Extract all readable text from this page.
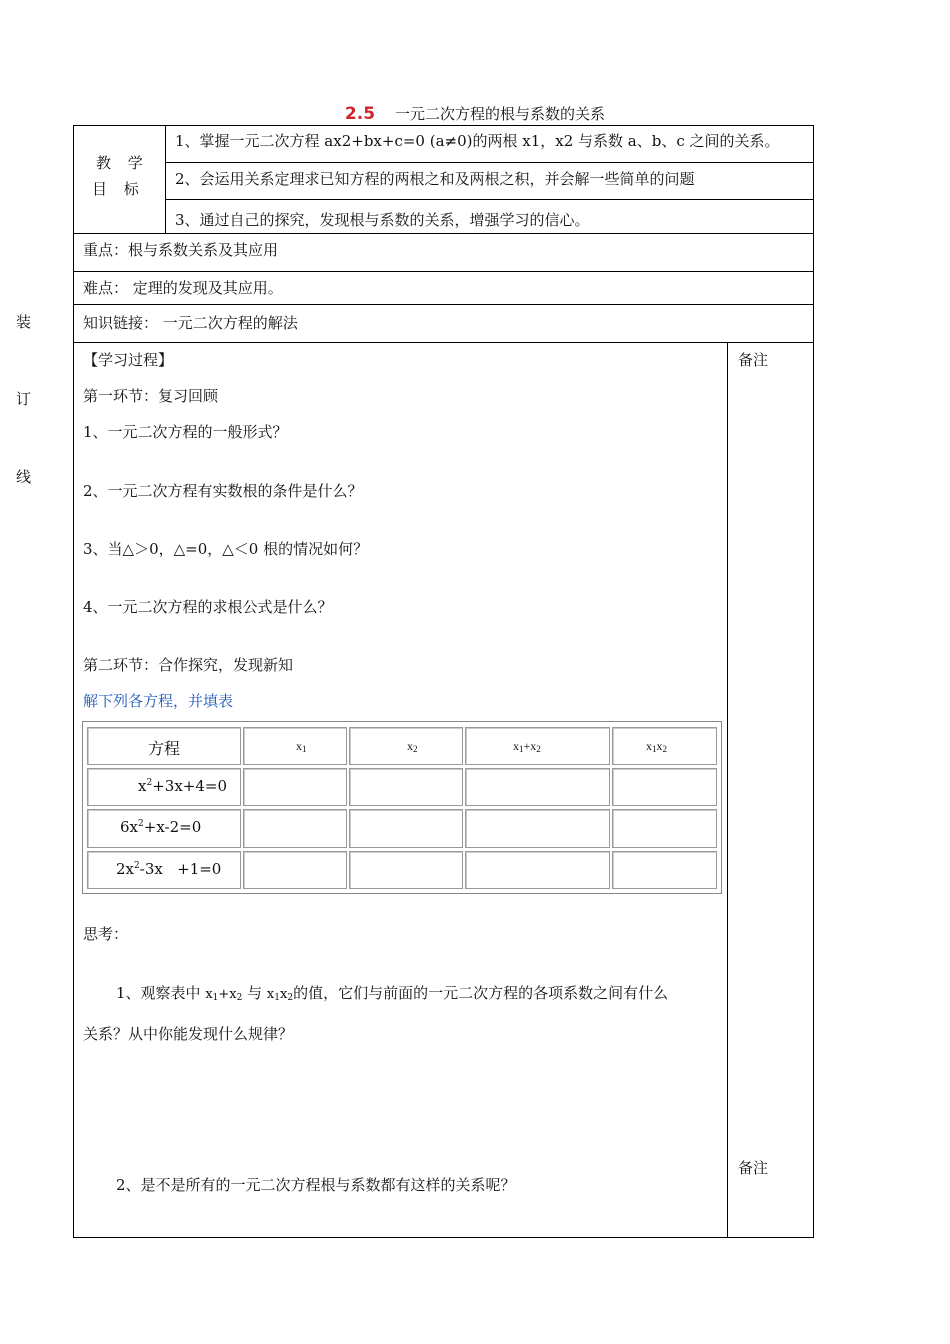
2.5 一元二次方程的根与系数的关系
装
订
线
教 学
目 标
1、掌握一元二次方程 ax2+bx+c=0 (a≠0)的两根 x1，x2 与系数 a、b、c 之间的关系。
2、会运用关系定理求已知方程的两根之和及两根之积，并会解一些简单的问题
3、通过自己的探究，发现根与系数的关系，增强学习的信心。
重点：根与系数关系及其应用
难点： 定理的发现及其应用。
知识链接： 一元二次方程的解法
备注
备注
【学习过程】
第一环节：复习回顾
1、一元二次方程的一般形式？
2、一元二次方程有实数根的条件是什么？
3、当△＞0，△=0，△＜0 根的情况如何？
4、一元二次方程的求根公式是什么？
第二环节：合作探究，发现新知
解下列各方程，并填表
方程	$x_1$	$x_2$	$x_1+x_2$	$x_1x_2$
$x^2+3x+4=0$
$6x^2+x-2=0$
$2x^2-3x +1=0$
思考：
1、观察表中 $x_1+x_2$ 与 $x_1x_2$的值，它们与前面的一元二次方程的各项系数之间有什么
关系？从中你能发现什么规律？
2、是不是所有的一元二次方程根与系数都有这样的关系呢？
